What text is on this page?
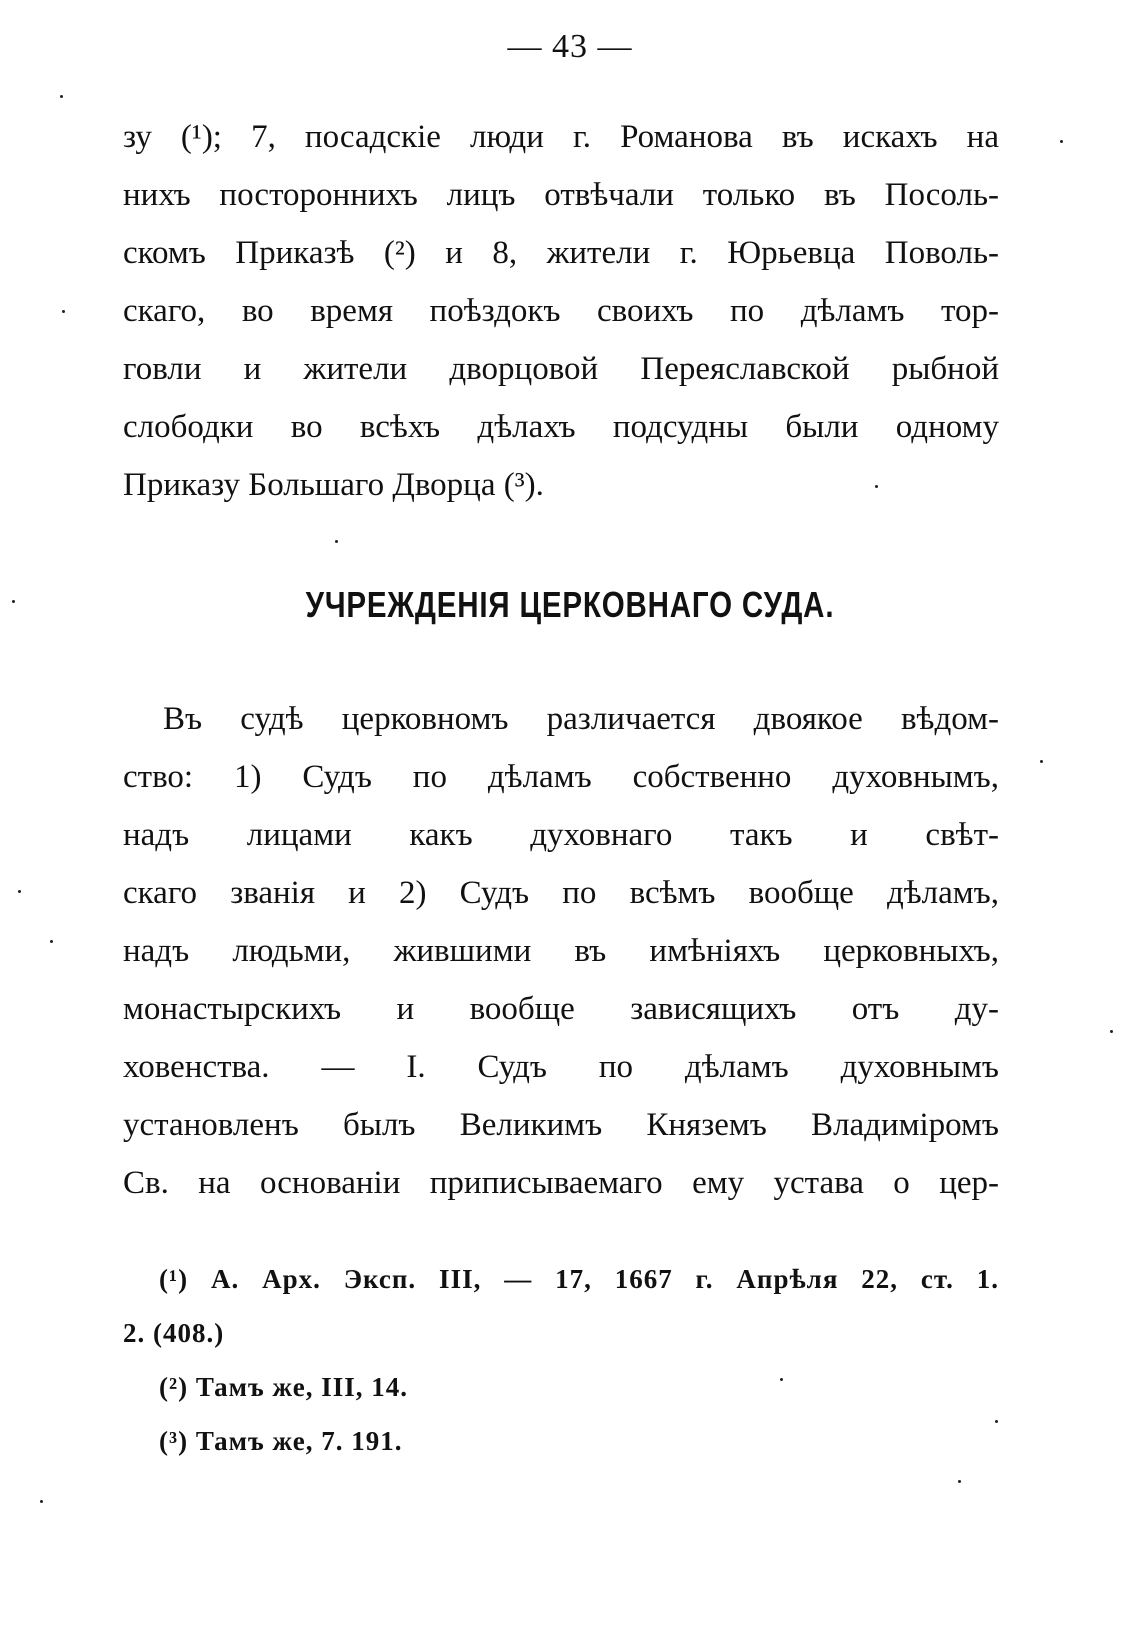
— 43 —
зу (¹); 7, посадскіе люди г. Романова въ искахъ на
нихъ постороннихъ лицъ отвѣчали только въ Посоль-
скомъ Приказѣ (²) и 8, жители г. Юрьевца Поволь-
скаго, во время поѣздокъ своихъ по дѣламъ тор-
говли и жители дворцовой Переяславской рыбной
слободки во всѣхъ дѣлахъ подсудны были одному
Приказу Большаго Дворца (³).
УЧРЕЖДЕНІЯ ЦЕРКОВНАГО СУДА.
Въ судѣ церковномъ различается двоякое вѣдом-
ство: 1) Судъ по дѣламъ собственно духовнымъ,
надъ лицами какъ духовнаго такъ и свѣт-
скаго званія и 2) Судъ по всѣмъ вообще дѣламъ,
надъ людьми, жившими въ имѣніяхъ церковныхъ,
монастырскихъ и вообще зависящихъ отъ ду-
ховенства. — I. Судъ по дѣламъ духовнымъ
установленъ былъ Великимъ Княземъ Владиміромъ
Св. на основаніи приписываемаго ему устава о цер-
(¹) А. Арх. Эксп. III, — 17, 1667 г. Апрѣля 22, ст. 1.
2. (408.)
(²) Тамъ же, III, 14.
(³) Тамъ же, 7. 191.
